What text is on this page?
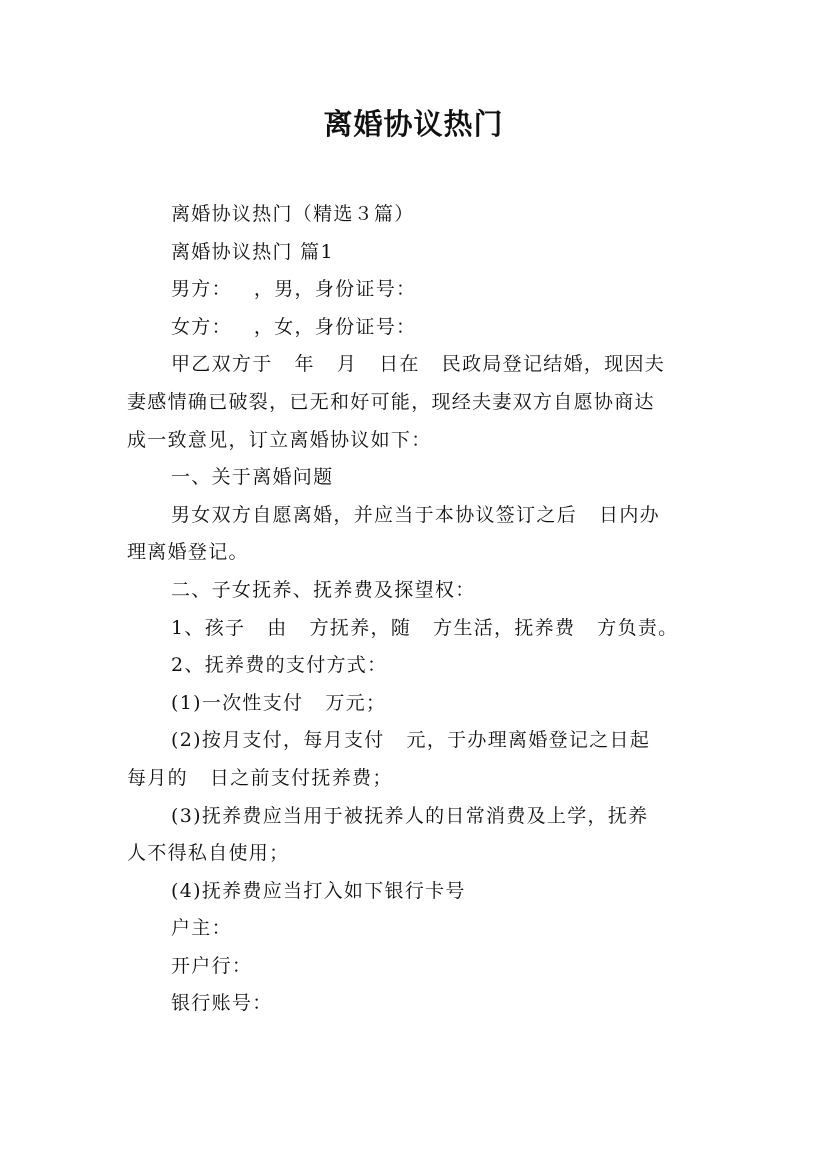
离婚协议热门

离婚协议热门（精选３篇）

离婚协议热门 篇1

男方：   ，男，身份证号：

女方：   ，女，身份证号：

甲乙双方于   年   月   日在   民政局登记结婚，现因夫
妻感情确已破裂，已无和好可能，现经夫妻双方自愿协商达
成一致意见，订立离婚协议如下：

一、关于离婚问题

男女双方自愿离婚，并应当于本协议签订之后   日内办
理离婚登记。

二、子女抚养、抚养费及探望权：

1、孩子   由   方抚养，随   方生活，抚养费   方负责。

2、抚养费的支付方式：

(1)一次性支付   万元；

(2)按月支付，每月支付   元，于办理离婚登记之日起
每月的   日之前支付抚养费；

(3)抚养费应当用于被抚养人的日常消费及上学，抚养
人不得私自使用；

(4)抚养费应当打入如下银行卡号

户主：

开户行：

银行账号：
